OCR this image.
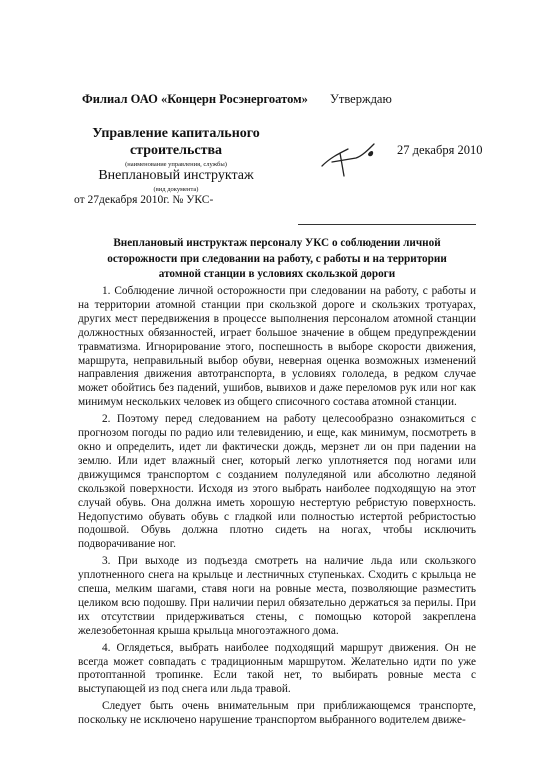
Филиал ОАО «Концерн Росэнергоатом» Утверждаю
Управление капитального
строительства
(наименование управления, службы)
Внеплановый инструктаж
(вид документа)
от 27декабря 2010г. № УКС-
27 декабря 2010
Внеплановый инструктаж персоналу УКС о соблюдении личной осторожности при следовании на работу, с работы и на территории атомной станции в условиях скользкой дороги

1. Соблюдение личной осторожности при следовании на работу, с работы и на территории атомной станции при скользкой дороге и скользких тротуарах, других мест передвижения в процессе выполнения персоналом атомной станции должностных обязанностей, играет большое значение в общем предупреждении травматизма. Игнорирование этого, поспешность в выборе скорости движения, маршрута, неправильный выбор обуви, неверная оценка возможных изменений направления движения автотранспорта, в условиях гололеда, в редком случае может обойтись без падений, ушибов, вывихов и даже переломов рук или ног как минимум нескольких человек из общего списочного состава атомной станции.

2. Поэтому перед следованием на работу целесообразно ознакомиться с прогнозом погоды по радио или телевидению, и еще, как минимум, посмотреть в окно и определить, идет ли фактически дождь, мерзнет ли он при падении на землю. Или идет влажный снег, который легко уплотняется под ногами или движущимся транспортом с созданием полуледяной или абсолютно ледяной скользкой поверхности. Исходя из этого выбрать наиболее подходящую на этот случай обувь. Она должна иметь хорошую нестертую ребристую поверхность. Недопустимо обувать обувь с гладкой или полностью истертой ребристостью подошвой. Обувь должна плотно сидеть на ногах, чтобы исключить подворачивание ног.

3. При выходе из подъезда смотреть на наличие льда или скользкого уплотненного снега на крыльце и лестничных ступеньках. Сходить с крыльца не спеша, мелким шагами, ставя ноги на ровные места, позволяющие разместить целиком всю подошву. При наличии перил обязательно держаться за перилы. При их отсутствии придерживаться стены, с помощью которой закреплена железобетонная крыша крыльца многоэтажного дома.

4. Оглядеться, выбрать наиболее подходящий маршрут движения. Он не всегда может совпадать с традиционным маршрутом. Желательно идти по уже протоптанной тропинке. Если такой нет, то выбирать ровные места с выступающей из под снега или льда травой.

Следует быть очень внимательным при приближающемся транспорте, поскольку не исключено нарушение транспортом выбранного водителем движе-
